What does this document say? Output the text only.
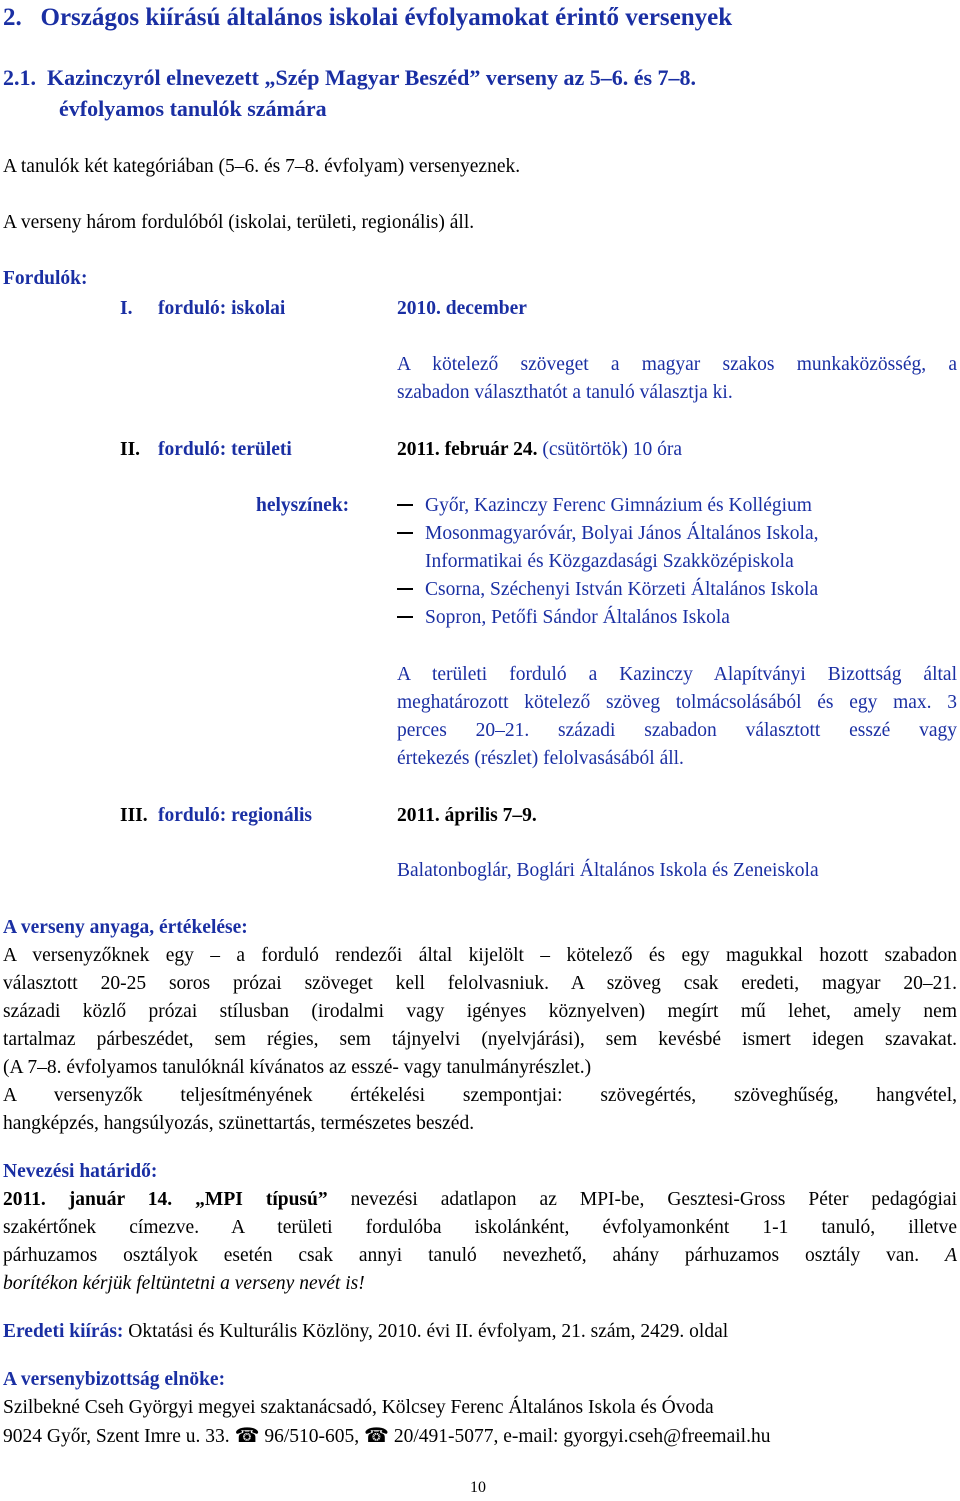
2. Országos kiírású általános iskolai évfolyamokat érintő versenyek
2.1. Kazinczyról elnevezett „Szép Magyar Beszéd” verseny az 5–6. és 7–8.
évfolyamos tanulók számára
A tanulók két kategóriában (5–6. és 7–8. évfolyam) versenyeznek.
A verseny három fordulóból (iskolai, területi, regionális) áll.
Fordulók:
I. forduló: iskolai	2010. december
A kötelező szöveget a magyar szakos munkaközösség, a
szabadon választhatót a tanuló választja ki.
II. forduló: területi	2011. február 24. (csütörtök) 10 óra
helyszínek:	Győr, Kazinczy Ferenc Gimnázium és Kollégium
Mosonmagyaróvár, Bolyai János Általános Iskola,
Informatikai és Közgazdasági Szakközépiskola
Csorna, Széchenyi István Körzeti Általános Iskola
Sopron, Petőfi Sándor Általános Iskola
A területi forduló a Kazinczy Alapítványi Bizottság által
meghatározott kötelező szöveg tolmácsolásából és egy max. 3
perces 20–21. századi szabadon választott esszé vagy
értekezés (részlet) felolvasásából áll.
III. forduló: regionális	2011. április 7–9.
Balatonboglár, Boglári Általános Iskola és Zeneiskola
A verseny anyaga, értékelése:
A versenyzőknek egy – a forduló rendezői által kijelölt – kötelező és egy magukkal hozott szabadon
választott 20-25 soros prózai szöveget kell felolvasniuk. A szöveg csak eredeti, magyar 20–21.
századi közlő prózai stílusban (irodalmi vagy igényes köznyelven) megírt mű lehet, amely nem
tartalmaz párbeszédet, sem régies, sem tájnyelvi (nyelvjárási), sem kevésbé ismert idegen szavakat.
(A 7–8. évfolyamos tanulóknál kívánatos az esszé- vagy tanulmányrészlet.)
A versenyzők teljesítményének értékelési szempontjai: szövegértés, szöveghűség, hangvétel,
hangképzés, hangsúlyozás, szünettartás, természetes beszéd.
Nevezési határidő:
2011. január 14. „MPI típusú” nevezési adatlapon az MPI-be, Gesztesi-Gross Péter pedagógiai
szakértőnek címezve. A területi fordulóba iskolánként, évfolyamonként 1-1 tanuló, illetve
párhuzamos osztályok esetén csak annyi tanuló nevezhető, ahány párhuzamos osztály van. A
borítékon kérjük feltüntetni a verseny nevét is!
Eredeti kiírás: Oktatási és Kulturális Közlöny, 2010. évi II. évfolyam, 21. szám, 2429. oldal
A versenybizottság elnöke:
Szilbekné Cseh Györgyi megyei szaktanácsadó, Kölcsey Ferenc Általános Iskola és Óvoda
9024 Győr, Szent Imre u. 33. ☎ 96/510-605, ☎ 20/491-5077, e-mail: gyorgyi.cseh@freemail.hu
10
